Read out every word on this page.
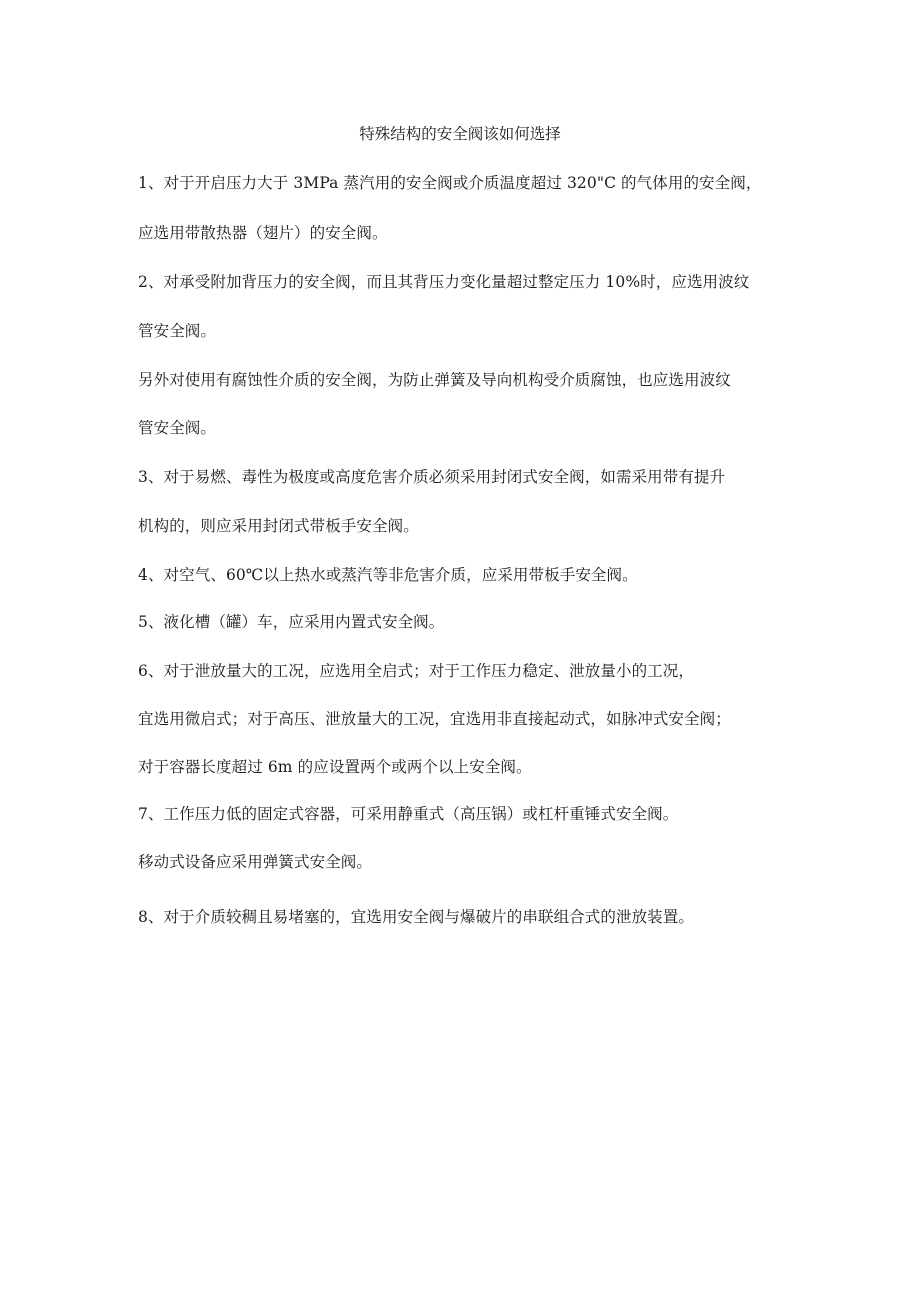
特殊结构的安全阀该如何选择
1、对于开启压力大于 3MPa 蒸汽用的安全阀或介质温度超过 320"C 的气体用的安全阀，
应选用带散热器（翅片）的安全阀。
2、对承受附加背压力的安全阀，而且其背压力变化量超过整定压力 10%时，应选用波纹
管安全阀。
另外对使用有腐蚀性介质的安全阀，为防止弹簧及导向机构受介质腐蚀，也应选用波纹
管安全阀。
3、对于易燃、毒性为极度或高度危害介质必须采用封闭式安全阀，如需采用带有提升
机构的，则应采用封闭式带板手安全阀。
4、对空气、60℃以上热水或蒸汽等非危害介质，应采用带板手安全阀。
5、液化槽（罐）车，应采用内置式安全阀。
6、对于泄放量大的工况，应选用全启式；对于工作压力稳定、泄放量小的工况，
宜选用微启式；对于高压、泄放量大的工况，宜选用非直接起动式，如脉冲式安全阀；
对于容器长度超过 6m 的应设置两个或两个以上安全阀。
7、工作压力低的固定式容器，可采用静重式（高压锅）或杠杆重锤式安全阀。
移动式设备应采用弹簧式安全阀。
8、对于介质较稠且易堵塞的，宜选用安全阀与爆破片的串联组合式的泄放装置。
